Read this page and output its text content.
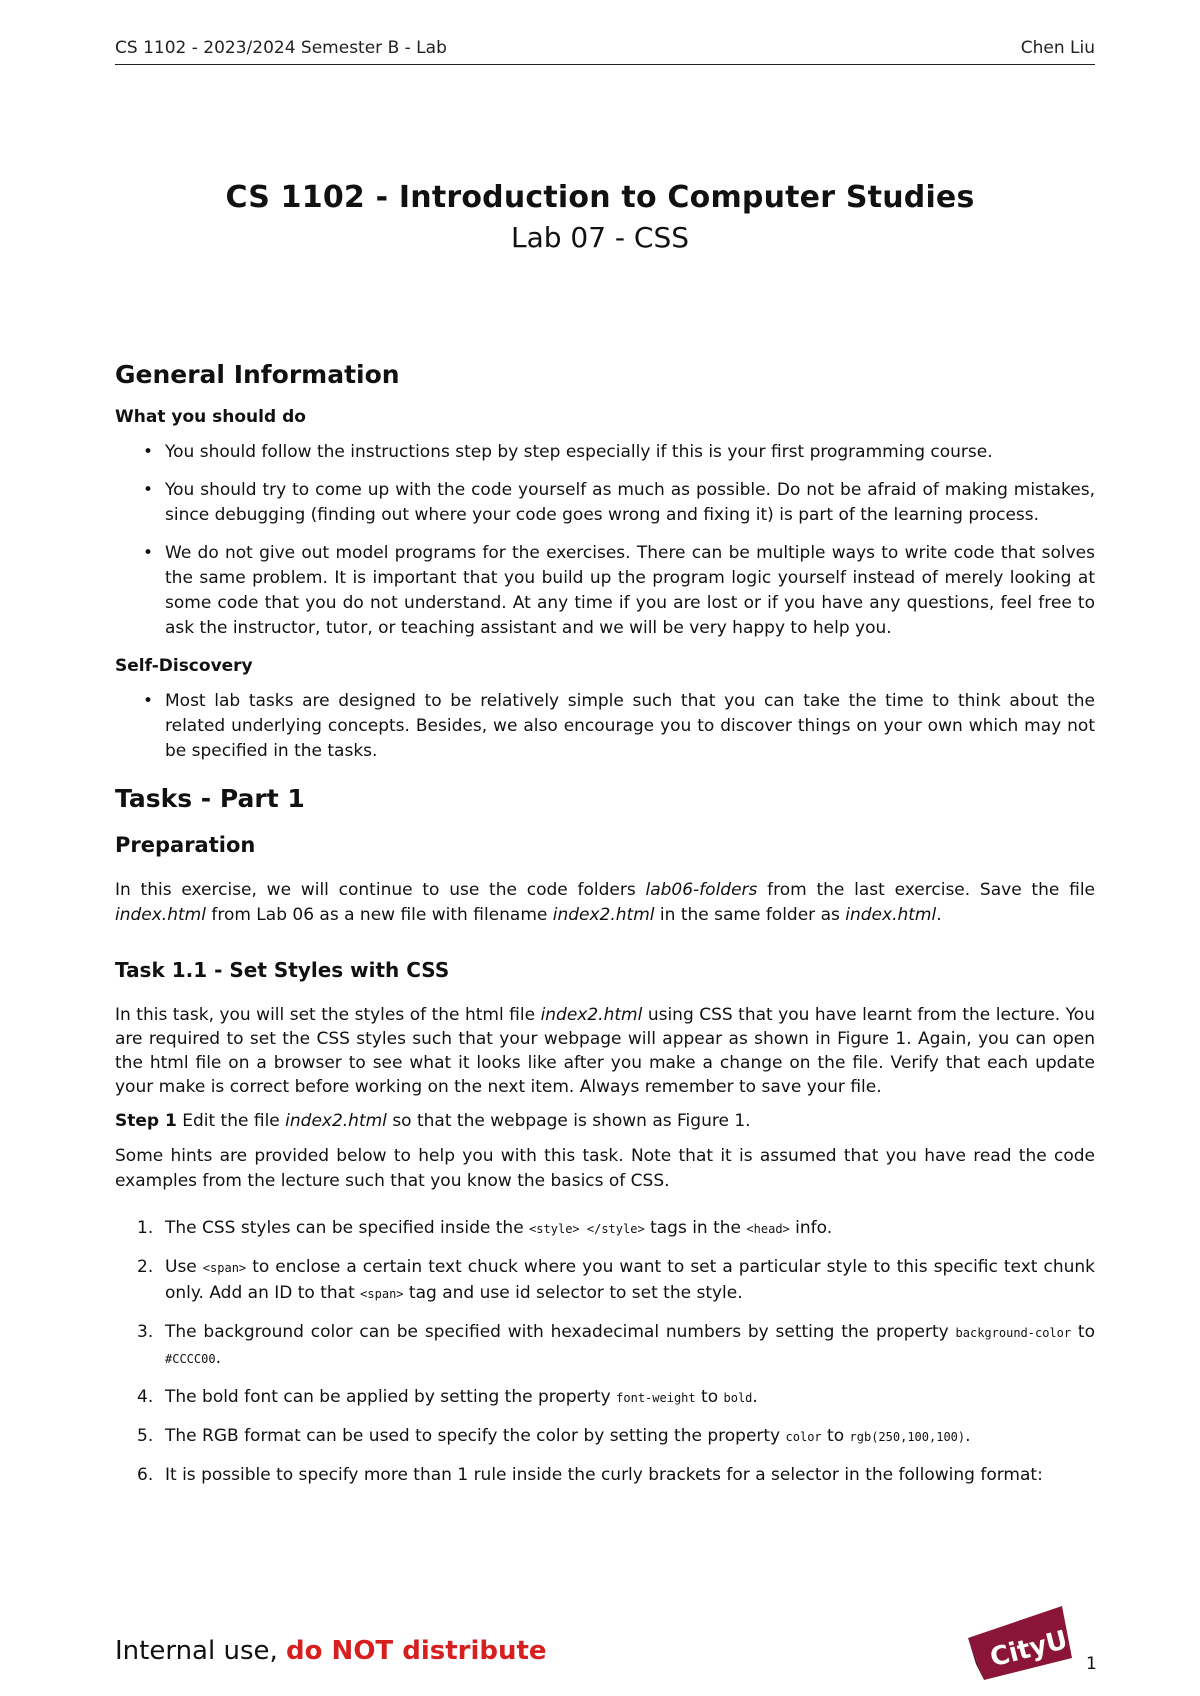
CS 1102 - 2023/2024 Semester B - Lab	Chen Liu
CS 1102 - Introduction to Computer Studies
Lab 07 - CSS
General Information
What you should do
• You should follow the instructions step by step especially if this is your first programming course.
• You should try to come up with the code yourself as much as possible. Do not be afraid of making mistakes, since debugging (finding out where your code goes wrong and fixing it) is part of the learning process.
• We do not give out model programs for the exercises. There can be multiple ways to write code that solves the same problem. It is important that you build up the program logic yourself instead of merely looking at some code that you do not understand. At any time if you are lost or if you have any questions, feel free to ask the instructor, tutor, or teaching assistant and we will be very happy to help you.
Self-Discovery
• Most lab tasks are designed to be relatively simple such that you can take the time to think about the related underlying concepts. Besides, we also encourage you to discover things on your own which may not be specified in the tasks.
Tasks - Part 1
Preparation

In this exercise, we will continue to use the code folders lab06-folders from the last exercise. Save the file index.html from Lab 06 as a new file with filename index2.html in the same folder as index.html.

Task 1.1 - Set Styles with CSS

In this task, you will set the styles of the html file index2.html using CSS that you have learnt from the lecture. You are required to set the CSS styles such that your webpage will appear as shown in Figure 1. Again, you can open the html file on a browser to see what it looks like after you make a change on the file. Verify that each update your make is correct before working on the next item. Always remember to save your file.

Step 1 Edit the file index2.html so that the webpage is shown as Figure 1.

Some hints are provided below to help you with this task. Note that it is assumed that you have read the code examples from the lecture such that you know the basics of CSS.

1. The CSS styles can be specified inside the <style> </style> tags in the <head> info.
2. Use <span> to enclose a certain text chuck where you want to set a particular style to this specific text chunk only. Add an ID to that <span> tag and use id selector to set the style.
3. The background color can be specified with hexadecimal numbers by setting the property background-color to #CCCC00.
4. The bold font can be applied by setting the property font-weight to bold.
5. The RGB format can be used to specify the color by setting the property color to rgb(250,100,100).
6. It is possible to specify more than 1 rule inside the curly brackets for a selector in the following format:
Internal use, do NOT distribute	CityU 1
